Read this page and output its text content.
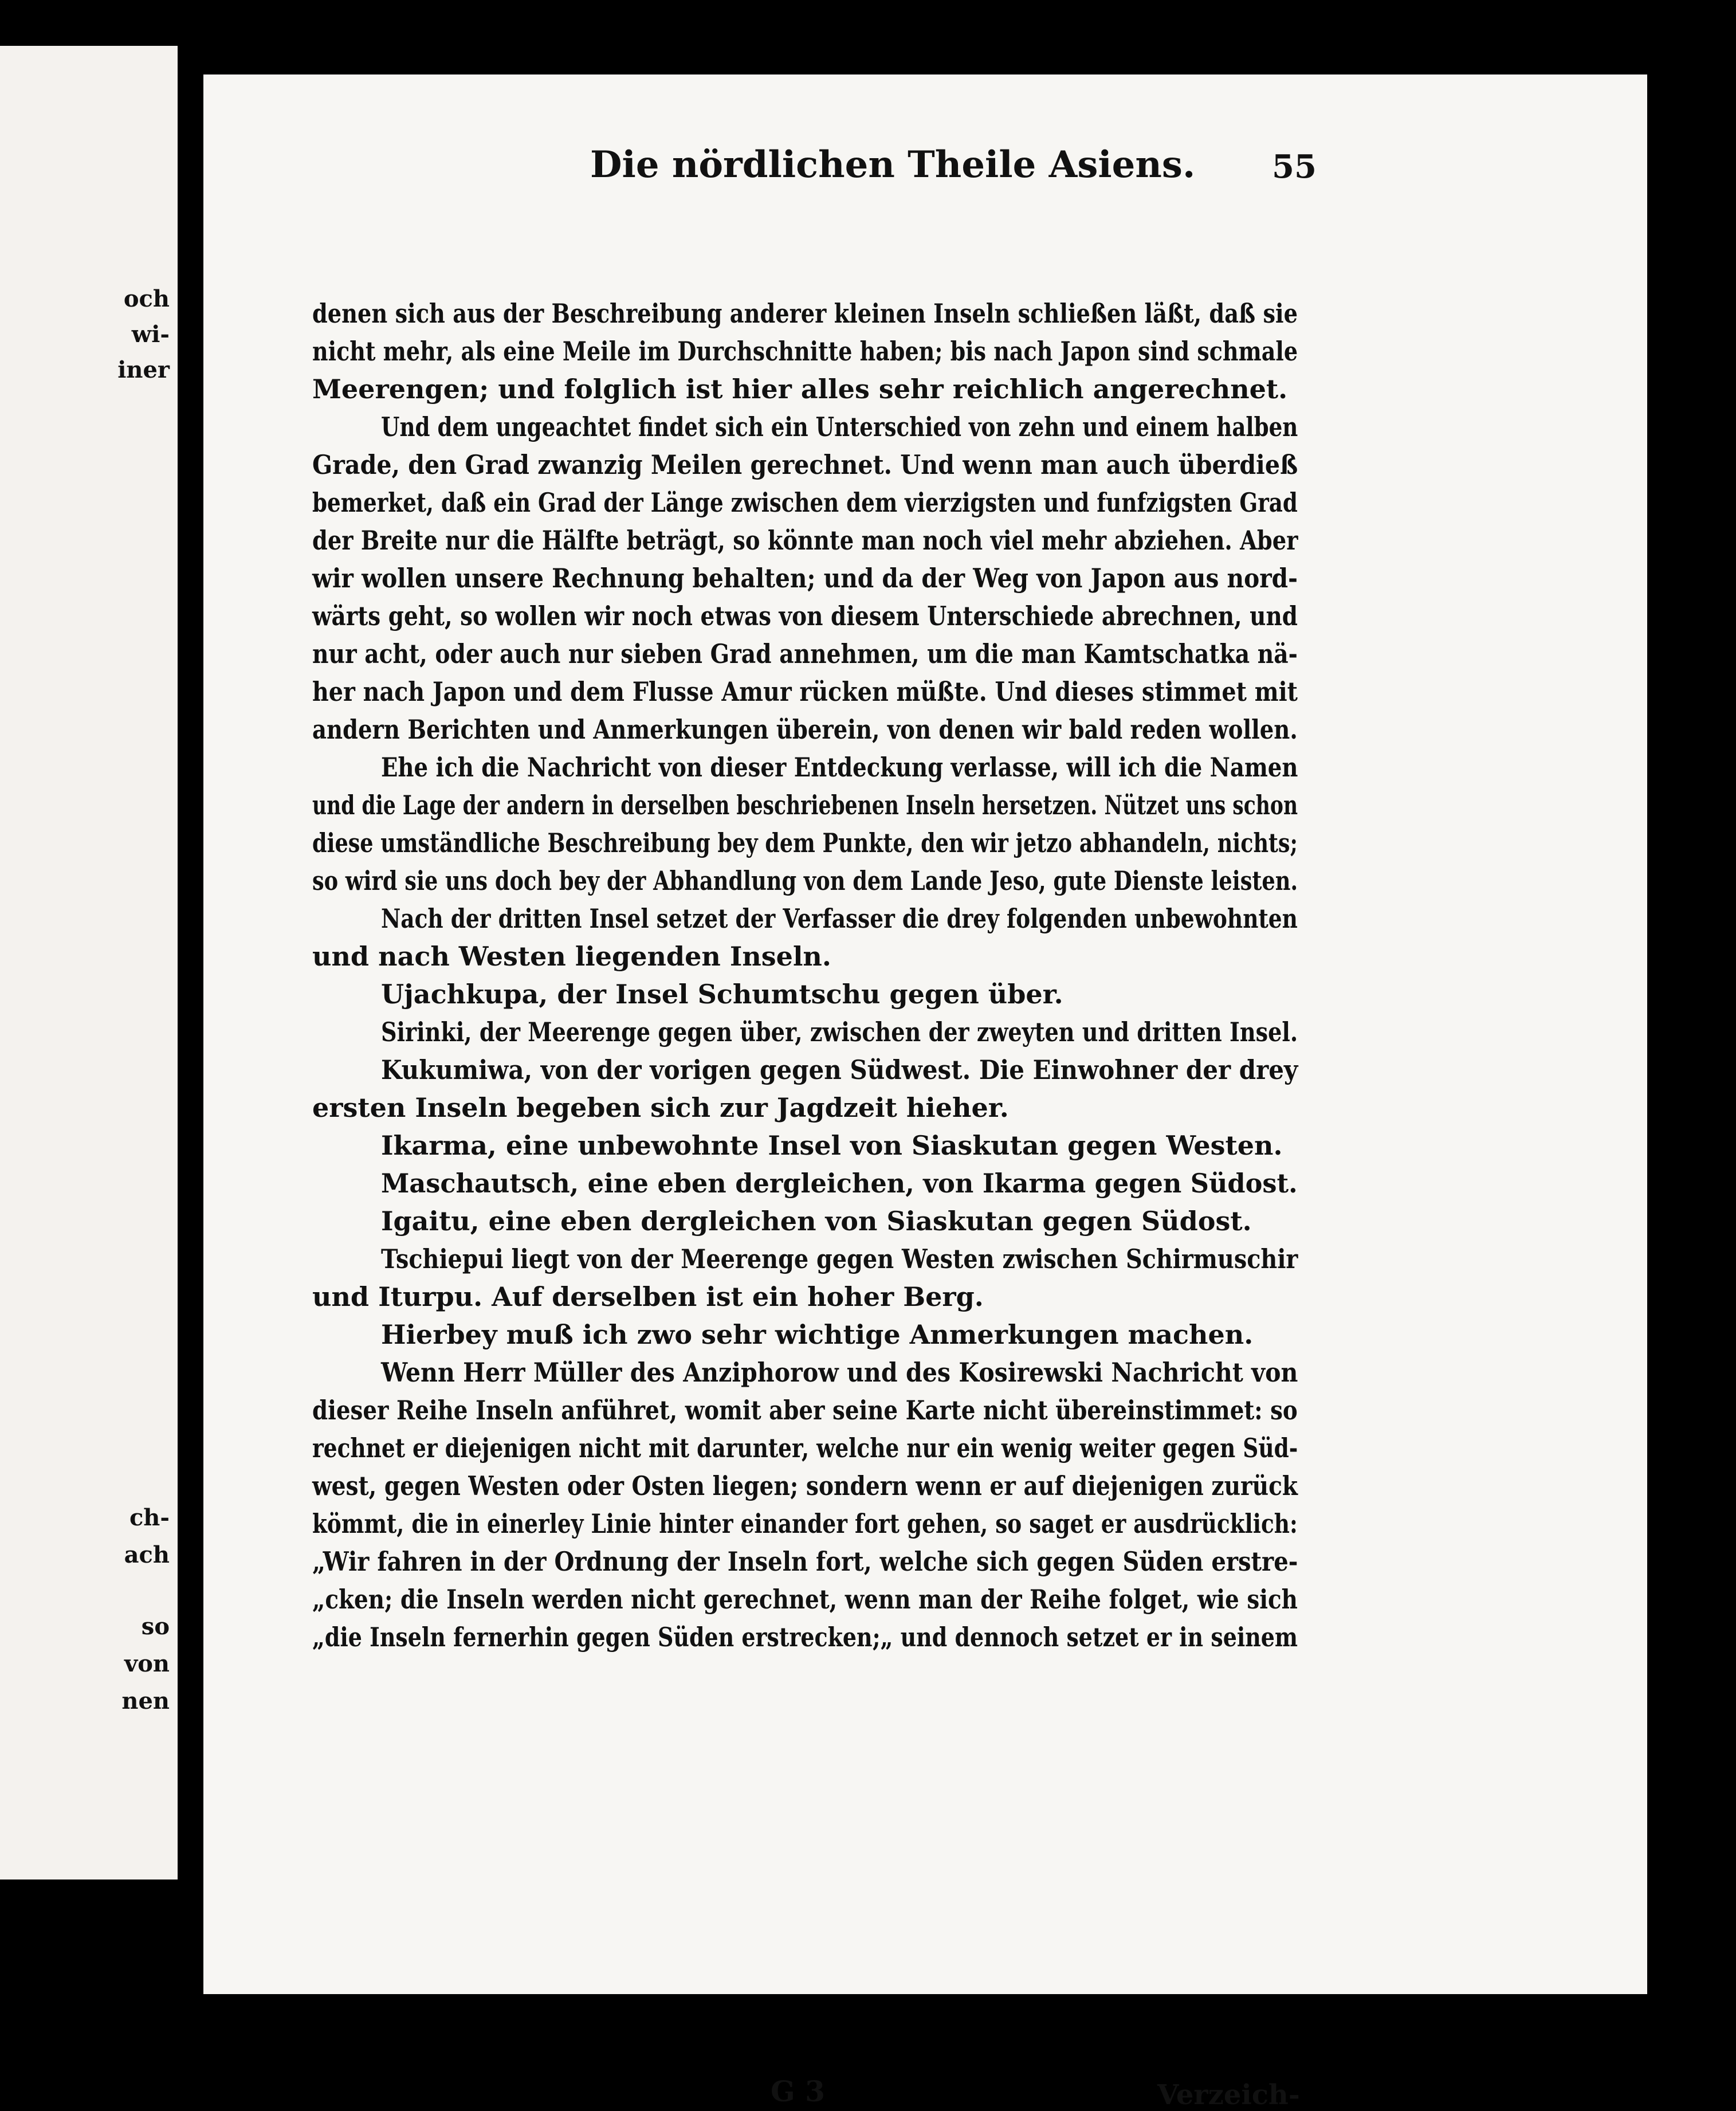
och
wi-
iner
ch-
ach
so
von
nen
Die nördlichen Theile Asiens. 55
denen sich aus der Beschreibung anderer kleinen Inseln schließen läßt, daß sie
nicht mehr, als eine Meile im Durchschnitte haben; bis nach Japon sind schmale
Meerengen; und folglich ist hier alles sehr reichlich angerechnet.
Und dem ungeachtet findet sich ein Unterschied von zehn und einem halben
Grade, den Grad zwanzig Meilen gerechnet. Und wenn man auch überdieß
bemerket, daß ein Grad der Länge zwischen dem vierzigsten und funfzigsten Grad
der Breite nur die Hälfte beträgt, so könnte man noch viel mehr abziehen. Aber
wir wollen unsere Rechnung behalten; und da der Weg von Japon aus nord-
wärts geht, so wollen wir noch etwas von diesem Unterschiede abrechnen, und
nur acht, oder auch nur sieben Grad annehmen, um die man Kamtschatka nä-
her nach Japon und dem Flusse Amur rücken müßte. Und dieses stimmet mit
andern Berichten und Anmerkungen überein, von denen wir bald reden wollen.
Ehe ich die Nachricht von dieser Entdeckung verlasse, will ich die Namen
und die Lage der andern in derselben beschriebenen Inseln hersetzen. Nützet uns schon
diese umständliche Beschreibung bey dem Punkte, den wir jetzo abhandeln, nichts;
so wird sie uns doch bey der Abhandlung von dem Lande Jeso, gute Dienste leisten.
Nach der dritten Insel setzet der Verfasser die drey folgenden unbewohnten
und nach Westen liegenden Inseln.
Ujachkupa, der Insel Schumtschu gegen über.
Sirinki, der Meerenge gegen über, zwischen der zweyten und dritten Insel.
Kukumiwa, von der vorigen gegen Südwest. Die Einwohner der drey
ersten Inseln begeben sich zur Jagdzeit hieher.
Ikarma, eine unbewohnte Insel von Siaskutan gegen Westen.
Maschautsch, eine eben dergleichen, von Ikarma gegen Südost.
Igaitu, eine eben dergleichen von Siaskutan gegen Südost.
Tschiepui liegt von der Meerenge gegen Westen zwischen Schirmuschir
und Iturpu. Auf derselben ist ein hoher Berg.
Hierbey muß ich zwo sehr wichtige Anmerkungen machen.
Wenn Herr Müller des Anziphorow und des Kosirewski Nachricht von
dieser Reihe Inseln anführet, womit aber seine Karte nicht übereinstimmet: so
rechnet er diejenigen nicht mit darunter, welche nur ein wenig weiter gegen Süd-
west, gegen Westen oder Osten liegen; sondern wenn er auf diejenigen zurück
kömmt, die in einerley Linie hinter einander fort gehen, so saget er ausdrücklich:
„Wir fahren in der Ordnung der Inseln fort, welche sich gegen Süden erstre-
„cken; die Inseln werden nicht gerechnet, wenn man der Reihe folget, wie sich
„die Inseln fernerhin gegen Süden erstrecken;„ und dennoch setzet er in seinem
G 3	Verzeich-
